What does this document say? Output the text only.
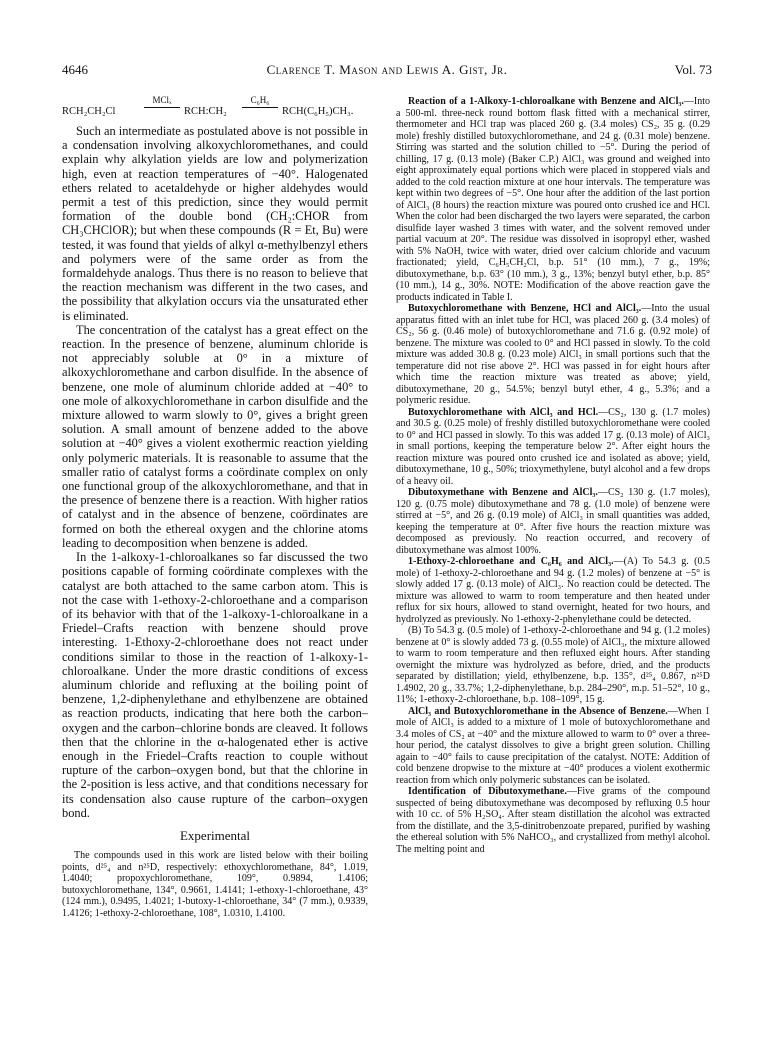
4646	Clarence T. Mason and Lewis A. Gist, Jr.	Vol. 73
RCH₂CH₂Cl
MClₓ
RCH:CH₂
C₆H₆
RCH(C₆H₅)CH₃.

Such an intermediate as postulated above is not possible in a condensation involving alkoxychloromethanes, and could explain why alkylation yields are low and polymerization high, even at reaction temperatures of −40°. Halogenated ethers related to acetaldehyde or higher aldehydes would permit a test of this prediction, since they would permit formation of the double bond (CH₂:CHOR from CH₃CHClOR); but when these compounds (R = Et, Bu) were tested, it was found that yields of alkyl α-methylbenzyl ethers and polymers were of the same order as from the formaldehyde analogs. Thus there is no reason to believe that the reaction mechanism was different in the two cases, and the possibility that alkylation occurs via the unsaturated ether is eliminated.

The concentration of the catalyst has a great effect on the reaction. In the presence of benzene, aluminum chloride is not appreciably soluble at 0° in a mixture of alkoxychloromethane and carbon disulfide. In the absence of benzene, one mole of aluminum chloride added at −40° to one mole of alkoxychloromethane in carbon disulfide and the mixture allowed to warm slowly to 0°, gives a bright green solution. A small amount of benzene added to the above solution at −40° gives a violent exothermic reaction yielding only polymeric materials. It is reasonable to assume that the smaller ratio of catalyst forms a coördinate complex on only one functional group of the alkoxychloromethane, and that in the presence of benzene there is a reaction. With higher ratios of catalyst and in the absence of benzene, coördinates are formed on both the ethereal oxygen and the chlorine atoms leading to decomposition when benzene is added.

In the 1-alkoxy-1-chloroalkanes so far discussed the two positions capable of forming coördinate complexes with the catalyst are both attached to the same carbon atom. This is not the case with 1-ethoxy-2-chloroethane and a comparison of its behavior with that of the 1-alkoxy-1-chloroalkane in a Friedel–Crafts reaction with benzene should prove interesting. 1-Ethoxy-2-chloroethane does not react under conditions similar to those in the reaction of 1-alkoxy-1-chloroalkane. Under the more drastic conditions of excess aluminum chloride and refluxing at the boiling point of benzene, 1,2-diphenylethane and ethylbenzene are obtained as reaction products, indicating that here both the carbon–oxygen and the carbon–chlorine bonds are cleaved. It follows then that the chlorine in the α-halogenated ether is active enough in the Friedel–Crafts reaction to couple without rupture of the carbon–oxygen bond, but that the chlorine in the 2-position is less active, and that conditions necessary for its condensation also cause rupture of the carbon–oxygen bond.

Experimental

The compounds used in this work are listed below with their boiling points, d²⁵₄ and n²⁵D, respectively: ethoxychloromethane, 84°, 1.019, 1.4040; propoxychloromethane, 109°, 0.9894, 1.4106; butoxychloromethane, 134°, 0.9661, 1.4141; 1-ethoxy-1-chloroethane, 43° (124 mm.), 0.9495, 1.4021; 1-butoxy-1-chloroethane, 34° (7 mm.), 0.9339, 1.4126; 1-ethoxy-2-chloroethane, 108°, 1.0310, 1.4100.

Reaction of a 1-Alkoxy-1-chloroalkane with Benzene and AlCl₃.—Into a 500-ml. three-neck round bottom flask fitted with a mechanical stirrer, thermometer and HCl trap was placed 260 g. (3.4 moles) CS₂, 35 g. (0.29 mole) freshly distilled butoxychloromethane, and 24 g. (0.31 mole) benzene. Stirring was started and the solution chilled to −5°. During the period of chilling, 17 g. (0.13 mole) (Baker C.P.) AlCl₃ was ground and weighed into eight approximately equal portions which were placed in stoppered vials and added to the cold reaction mixture at one hour intervals. The temperature was kept within two degrees of −5°. One hour after the addition of the last portion of AlCl₃ (8 hours) the reaction mixture was poured onto crushed ice and HCl. When the color had been discharged the two layers were separated, the carbon disulfide layer washed 3 times with water, and the solvent removed under partial vacuum at 20°. The residue was dissolved in isopropyl ether, washed with 5% NaOH, twice with water, dried over calcium chloride and vacuum fractionated; yield, C₆H₅CH₂Cl, b.p. 51° (10 mm.), 7 g., 19%; dibutoxymethane, b.p. 63° (10 mm.), 3 g., 13%; benzyl butyl ether, b.p. 85° (10 mm.), 14 g., 30%. NOTE: Modification of the above reaction gave the products indicated in Table I.

Butoxychloromethane with Benzene, HCl and AlCl₃.—Into the usual apparatus fitted with an inlet tube for HCl, was placed 260 g. (3.4 moles) of CS₂, 56 g. (0.46 mole) of butoxychloromethane and 71.6 g. (0.92 mole) of benzene. The mixture was cooled to 0° and HCl passed in slowly. To the cold mixture was added 30.8 g. (0.23 mole) AlCl₃ in small portions such that the temperature did not rise above 2°. HCl was passed in for eight hours after which time the reaction mixture was treated as above; yield, dibutoxymethane, 20 g., 54.5%; benzyl butyl ether, 4 g., 5.3%; and a polymeric residue.

Butoxychloromethane with AlCl₃ and HCl.—CS₂, 130 g. (1.7 moles) and 30.5 g. (0.25 mole) of freshly distilled butoxychloromethane were cooled to 0° and HCl passed in slowly. To this was added 17 g. (0.13 mole) of AlCl₃ in small portions, keeping the temperature below 2°. After eight hours the reaction mixture was poured onto crushed ice and isolated as above; yield, dibutoxymethane, 10 g., 50%; trioxymethylene, butyl alcohol and a few drops of a heavy oil.

Dibutoxymethane with Benzene and AlCl₃.—CS₂ 130 g. (1.7 moles), 120 g. (0.75 mole) dibutoxymethane and 78 g. (1.0 mole) of benzene were stirred at −5°, and 26 g. (0.19 mole) of AlCl₃ in small quantities was added, keeping the temperature at 0°. After five hours the reaction mixture was decomposed as previously. No reaction occurred, and recovery of dibutoxymethane was almost 100%.

1-Ethoxy-2-chloroethane and C₆H₆ and AlCl₃.—(A) To 54.3 g. (0.5 mole) of 1-ethoxy-2-chloroethane and 94 g. (1.2 moles) of benzene at −5° is slowly added 17 g. (0.13 mole) of AlCl₃. No reaction could be detected. The mixture was allowed to warm to room temperature and then heated under reflux for six hours, allowed to stand overnight, heated for two hours, and hydrolyzed as previously. No 1-ethoxy-2-phenylethane could be detected.

(B) To 54.3 g. (0.5 mole) of 1-ethoxy-2-chloroethane and 94 g. (1.2 moles) benzene at 0° is slowly added 73 g. (0.55 mole) of AlCl₃, the mixture allowed to warm to room temperature and then refluxed eight hours. After standing overnight the mixture was hydrolyzed as before, dried, and the products separated by distillation; yield, ethylbenzene, b.p. 135°, d²⁵₄ 0.867, n²⁵D 1.4902, 20 g., 33.7%; 1,2-diphenylethane, b.p. 284–290°, m.p. 51–52°, 10 g., 11%; 1-ethoxy-2-chloroethane, b.p. 108–109°, 15 g.

AlCl₃ and Butoxychloromethane in the Absence of Benzene.—When 1 mole of AlCl₃ is added to a mixture of 1 mole of butoxychloromethane and 3.4 moles of CS₂ at −40° and the mixture allowed to warm to 0° over a three-hour period, the catalyst dissolves to give a bright green solution. Chilling again to −40° fails to cause precipitation of the catalyst. NOTE: Addition of cold benzene dropwise to the mixture at −40° produces a violent exothermic reaction from which only polymeric substances can be isolated.

Identification of Dibutoxymethane.—Five grams of the compound suspected of being dibutoxymethane was decomposed by refluxing 0.5 hour with 10 cc. of 5% H₂SO₄. After steam distillation the alcohol was extracted from the distillate, and the 3,5-dinitrobenzoate prepared, purified by washing the ethereal solution with 5% NaHCO₃, and crystallized from methyl alcohol. The melting point and
